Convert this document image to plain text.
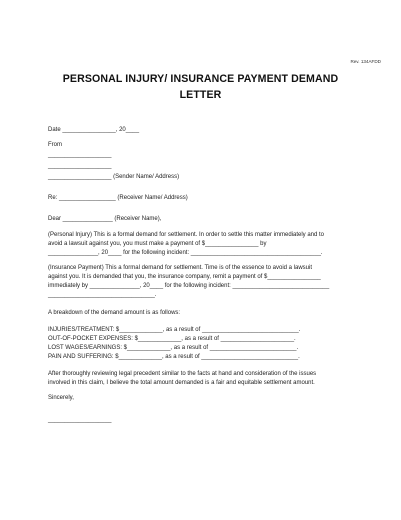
Rev. 134AFDD
PERSONAL INJURY/ INSURANCE PAYMENT DEMAND
LETTER
Date ________________, 20____
From
___________________
___________________
___________________ (Sender Name/ Address)
Re: _________________ (Receiver Name/ Address)
Dear _______________ (Receiver Name),
(Personal Injury) This is a formal demand for settlement. In order to settle this matter immediately and to
avoid a lawsuit against you, you must make a payment of $________________ by
_______________, 20____ for the following incident: _______________________________________.
(Insurance Payment) This a formal demand for settlement. Time is of the essence to avoid a lawsuit
against you. It is demanded that you, the insurance company, remit a payment of $________________
immediately by _______________, 20____ for the following incident: _____________________________
________________________________.
A breakdown of the demand amount is as follows:
INJURIES/TREATMENT: $_____________, as a result of _____________________________.
OUT-OF-POCKET EXPENSES: $_____________, as a result of ______________________.
LOST WAGES/EARNINGS: $_____________, as a result of __________________________.
PAIN AND SUFFERING: $_____________, as a result of _____________________________.
After thoroughly reviewing legal precedent similar to the facts at hand and consideration of the issues
involved in this claim, I believe the total amount demanded is a fair and equitable settlement amount.
Sincerely,
___________________
